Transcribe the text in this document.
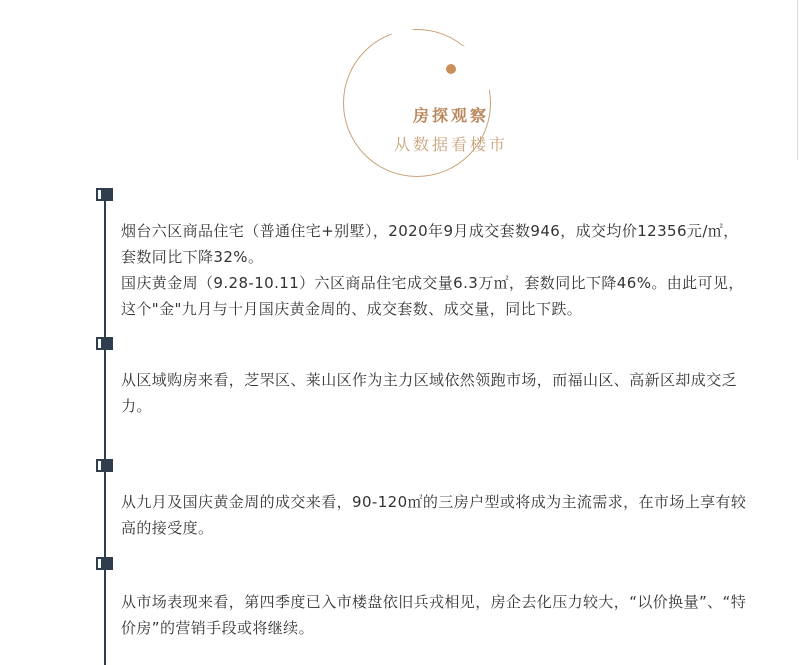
房探观察
从数据看楼市

烟台六区商品住宅（普通住宅+别墅），2020年9月成交套数946，成交均价12356元/㎡，套数同比下降32%。

国庆黄金周（9.28-10.11）六区商品住宅成交量6.3万㎡，套数同比下降46%。由此可见，这个"金"九月与十月国庆黄金周的、成交套数、成交量，同比下跌。

从区域购房来看，芝罘区、莱山区作为主力区域依然领跑市场，而福山区、高新区却成交乏力。

从九月及国庆黄金周的成交来看，90-120㎡的三房户型或将成为主流需求，在市场上享有较高的接受度。

从市场表现来看，第四季度已入市楼盘依旧兵戎相见，房企去化压力较大，“以价换量”、“特价房”的营销手段或将继续。
